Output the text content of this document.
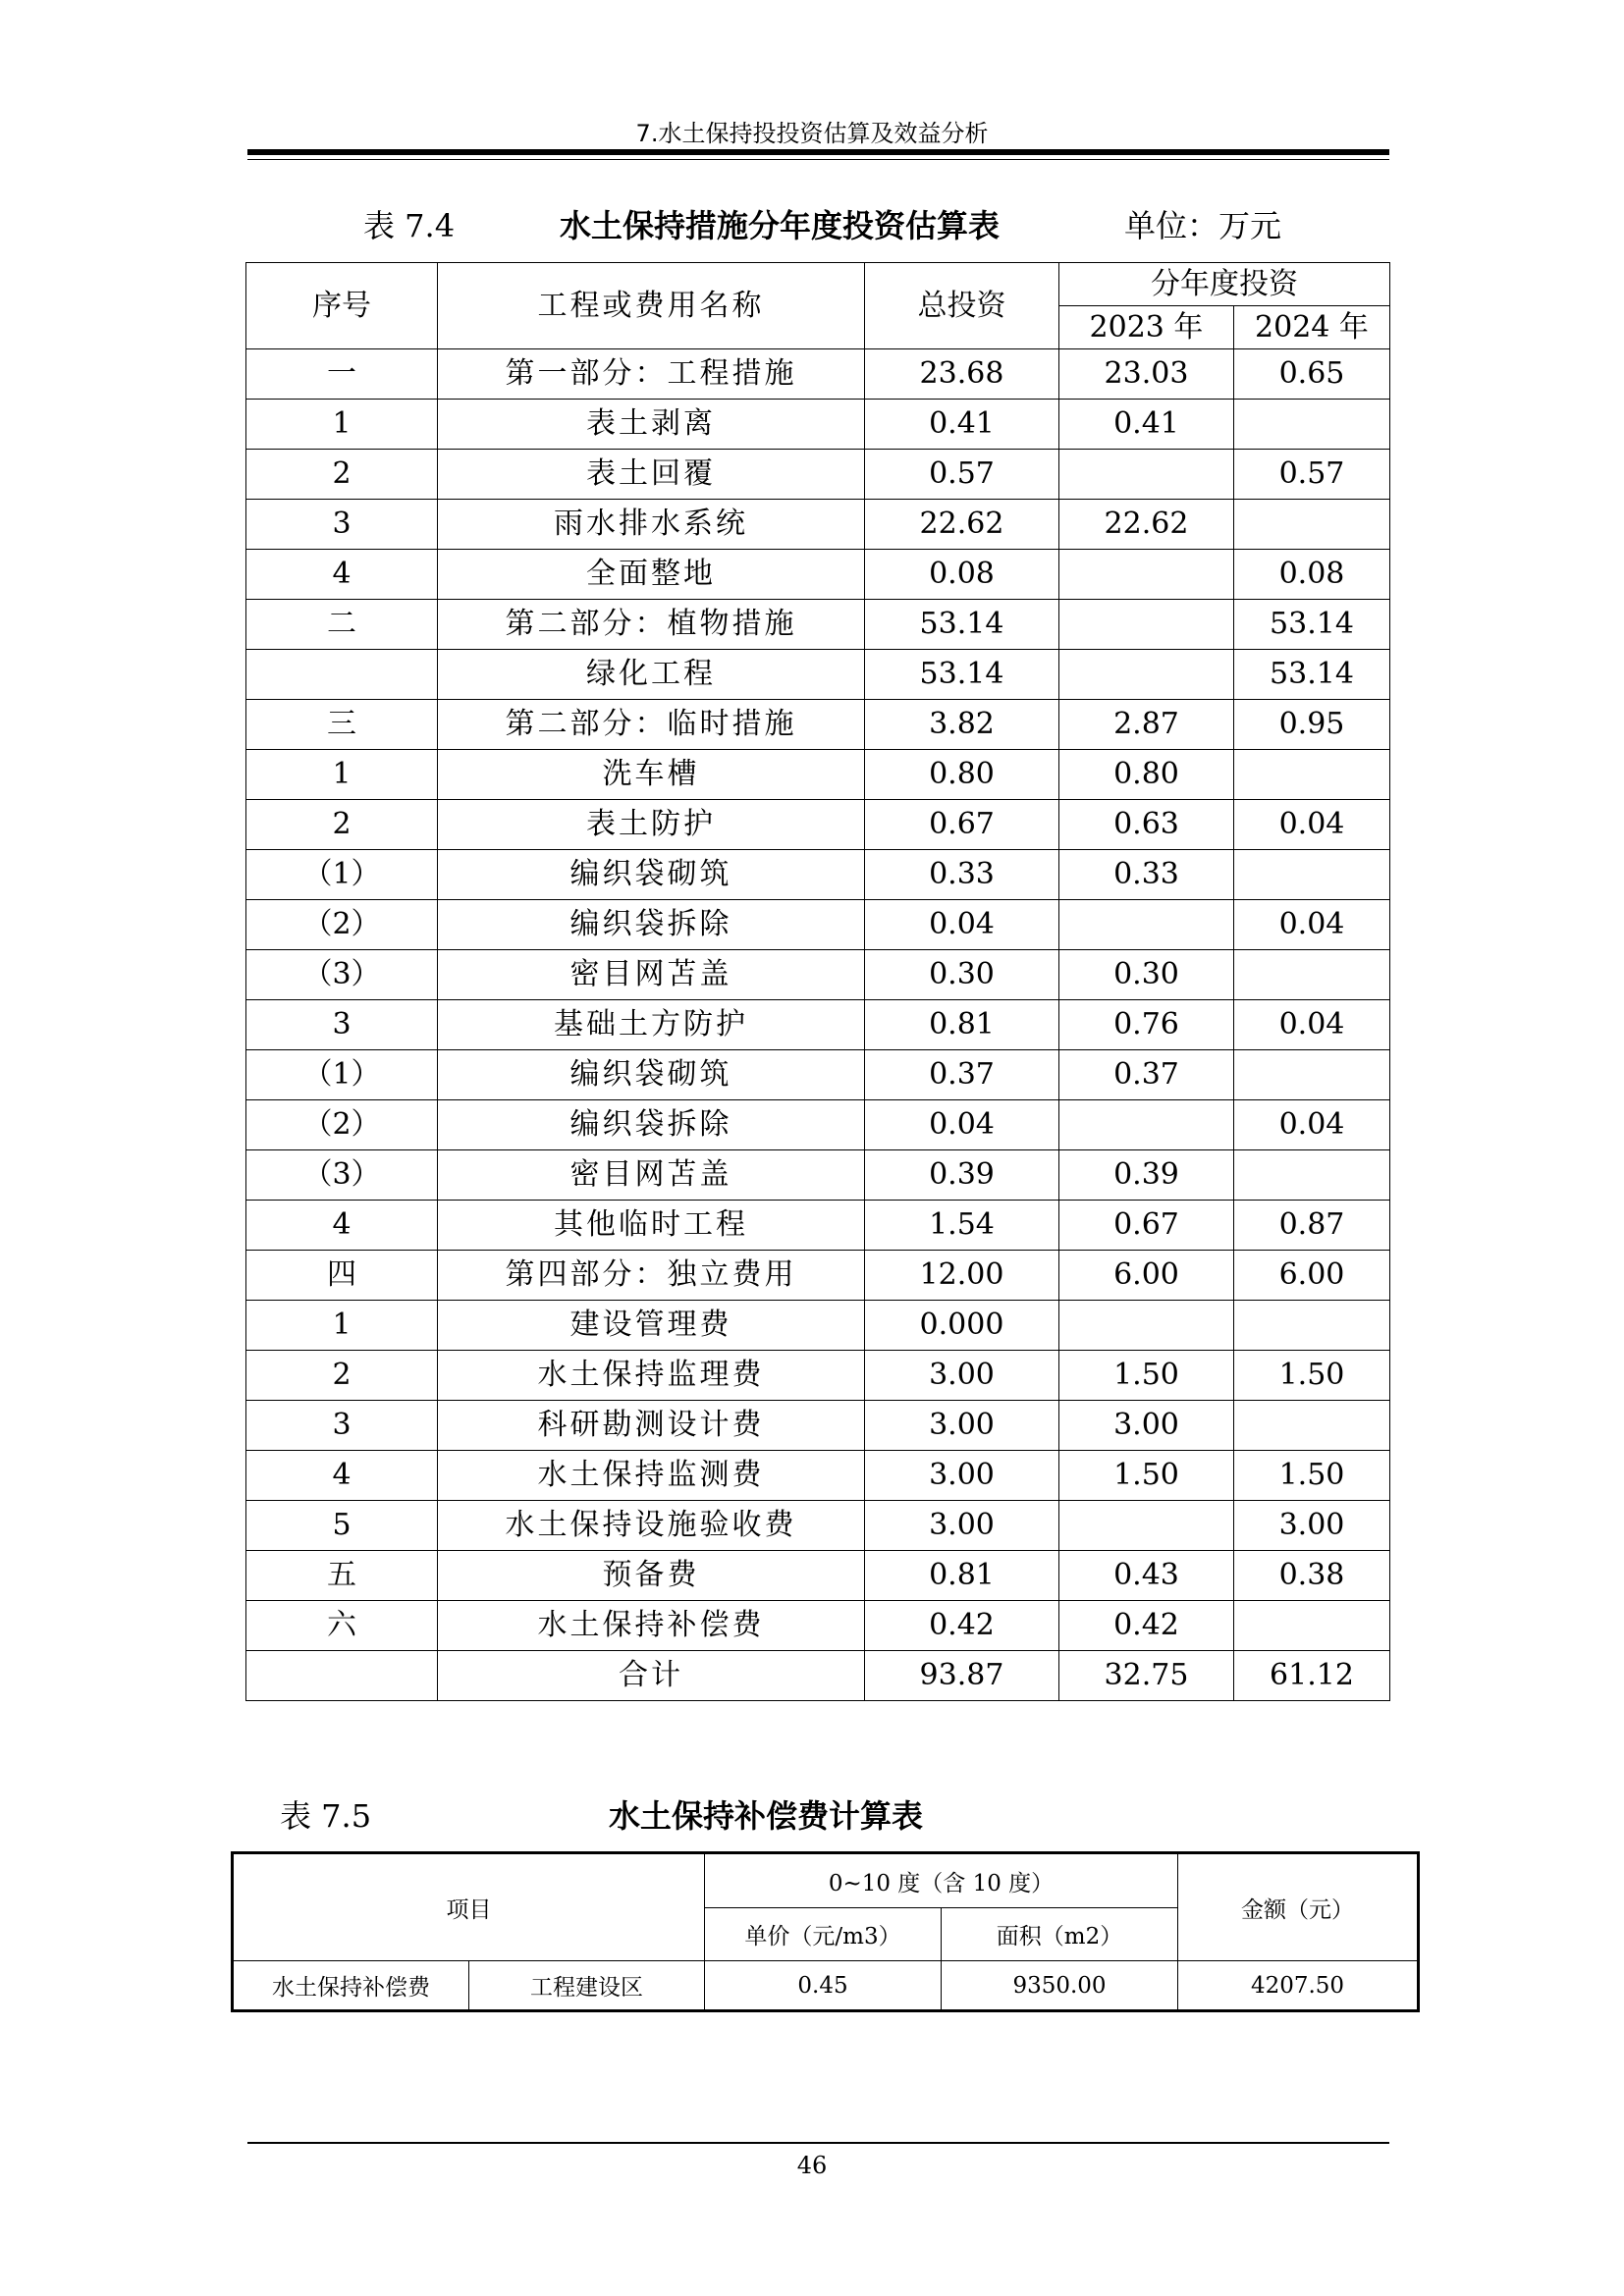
7.水土保持投投资估算及效益分析
表 7.4	水土保持措施分年度投资估算表	单位：万元
序号	工程或费用名称	总投资	分年度投资	
			2023 年	2024 年
一	第一部分：工程措施	23.68	23.03	0.65
1	表土剥离	0.41	0.41	
2	表土回覆	0.57		0.57
3	雨水排水系统	22.62	22.62	
4	全面整地	0.08		0.08
二	第二部分：植物措施	53.14		53.14
	绿化工程	53.14		53.14
三	第二部分：临时措施	3.82	2.87	0.95
1	洗车槽	0.80	0.80	
2	表土防护	0.67	0.63	0.04
（1）	编织袋砌筑	0.33	0.33	
（2）	编织袋拆除	0.04		0.04
（3）	密目网苫盖	0.30	0.30	
3	基础土方防护	0.81	0.76	0.04
（1）	编织袋砌筑	0.37	0.37	
（2）	编织袋拆除	0.04		0.04
（3）	密目网苫盖	0.39	0.39	
4	其他临时工程	1.54	0.67	0.87
四	第四部分：独立费用	12.00	6.00	6.00
1	建设管理费	0.000		
2	水土保持监理费	3.00	1.50	1.50
3	科研勘测设计费	3.00	3.00	
4	水土保持监测费	3.00	1.50	1.50
5	水土保持设施验收费	3.00		3.00
五	预备费	0.81	0.43	0.38
六	水土保持补偿费	0.42	0.42	
	合计	93.87	32.75	61.12
表 7.5	水土保持补偿费计算表
项目		0~10 度（含 10 度）		金额（元）
		单价（元/m3）	面积（m2）	
水土保持补偿费	工程建设区	0.45	9350.00	4207.50
46
